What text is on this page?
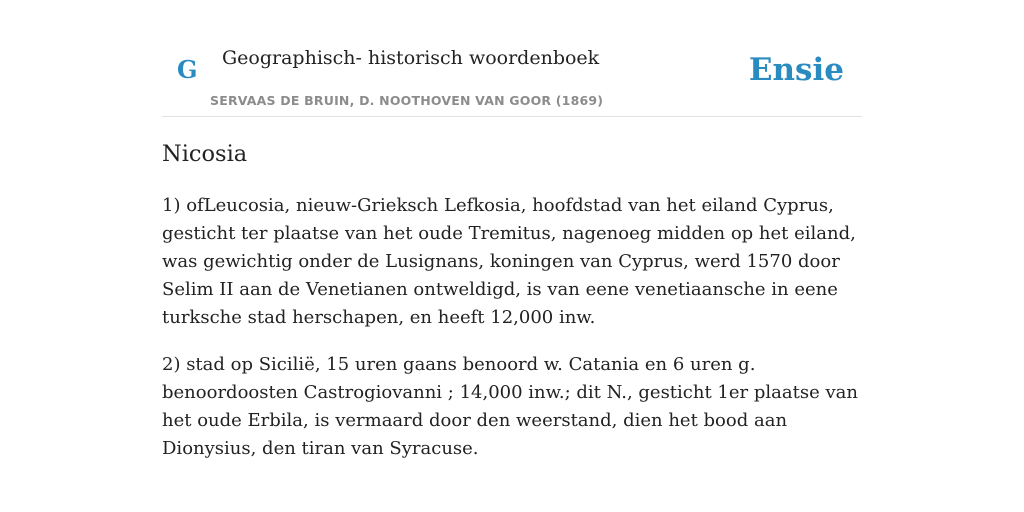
G Geographisch- historisch woordenboek
SERVAAS DE BRUIN, D. NOOTHOVEN VAN GOOR (1869)
Ensie
Nicosia

1) ofLeucosia, nieuw-Grieksch Lefkosia, hoofdstad van het eiland Cyprus, gesticht ter plaatse van het oude Tremitus, nagenoeg midden op het eiland, was gewichtig onder de Lusignans, koningen van Cyprus, werd 1570 door Selim II aan de Venetianen ontweldigd, is van eene venetiaansche in eene turksche stad herschapen, en heeft 12,000 inw.

2) stad op Sicilië, 15 uren gaans benoord w. Catania en 6 uren g. benoordoosten Castrogiovanni ; 14,000 inw.; dit N., gesticht 1er plaatse van het oude Erbila, is vermaard door den weerstand, dien het bood aan Dionysius, den tiran van Syracuse.
